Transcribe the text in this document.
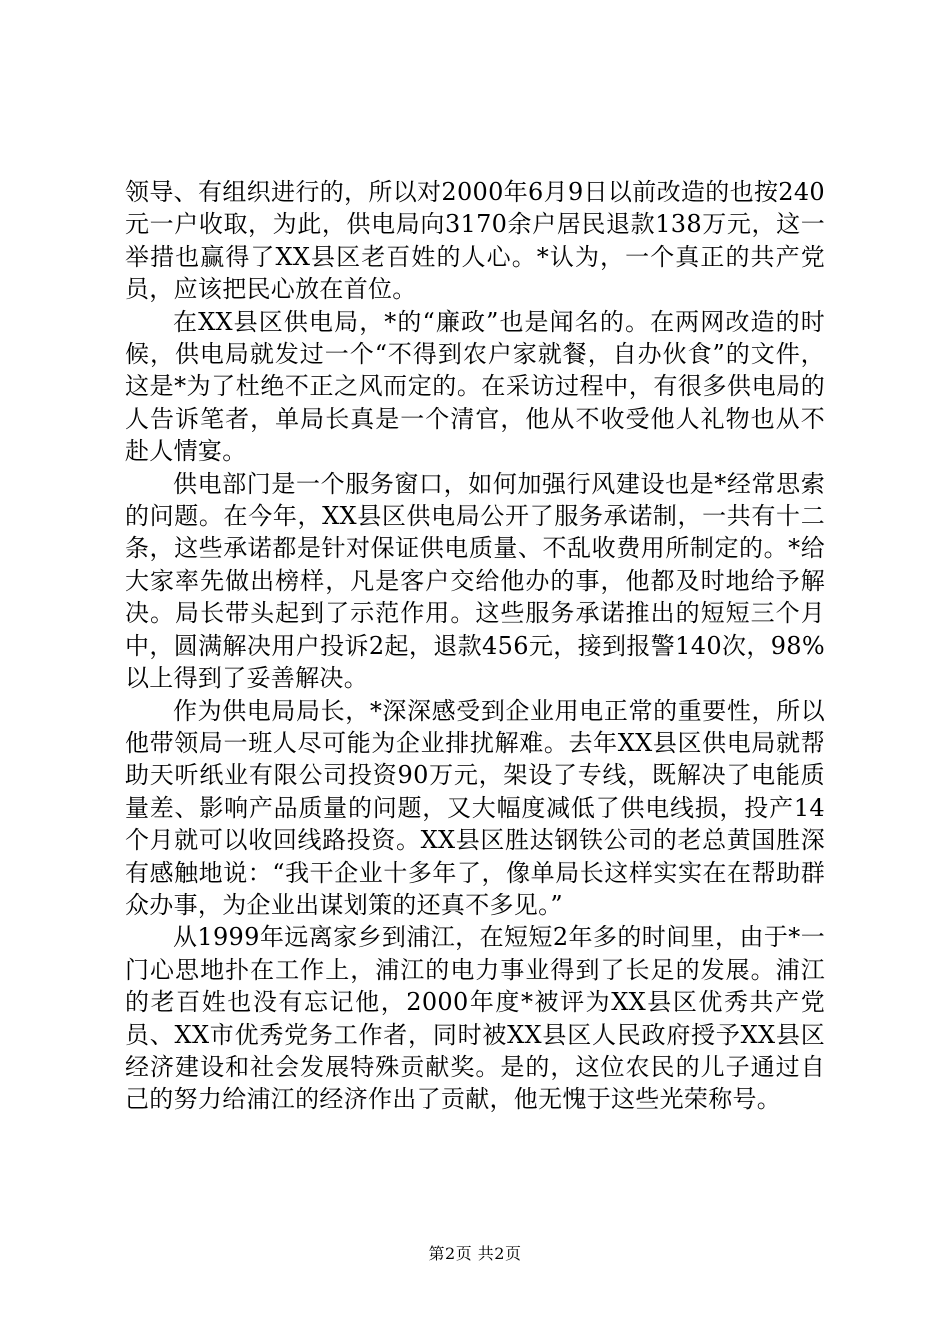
领导、有组织进行的，所以对2000年6月9日以前改造的也按240元一户收取，为此，供电局向3170余户居民退款138万元，这一举措也赢得了XX县区老百姓的人心。*认为，一个真正的共产党员，应该把民心放在首位。

在XX县区供电局，*的“廉政”也是闻名的。在两网改造的时候，供电局就发过一个“不得到农户家就餐，自办伙食”的文件，这是*为了杜绝不正之风而定的。在采访过程中，有很多供电局的人告诉笔者，单局长真是一个清官，他从不收受他人礼物也从不赴人情宴。

供电部门是一个服务窗口，如何加强行风建设也是*经常思索的问题。在今年，XX县区供电局公开了服务承诺制，一共有十二条，这些承诺都是针对保证供电质量、不乱收费用所制定的。*给大家率先做出榜样，凡是客户交给他办的事，他都及时地给予解决。局长带头起到了示范作用。这些服务承诺推出的短短三个月中，圆满解决用户投诉2起，退款456元，接到报警140次，98%以上得到了妥善解决。

作为供电局局长，*深深感受到企业用电正常的重要性，所以他带领局一班人尽可能为企业排扰解难。去年XX县区供电局就帮助天听纸业有限公司投资90万元，架设了专线，既解决了电能质量差、影响产品质量的问题，又大幅度减低了供电线损，投产14个月就可以收回线路投资。XX县区胜达钢铁公司的老总黄国胜深有感触地说：“我干企业十多年了，像单局长这样实实在在帮助群众办事，为企业出谋划策的还真不多见。”

从1999年远离家乡到浦江，在短短2年多的时间里，由于*一门心思地扑在工作上，浦江的电力事业得到了长足的发展。浦江的老百姓也没有忘记他，2000年度*被评为XX县区优秀共产党员、XX市优秀党务工作者，同时被XX县区人民政府授予XX县区经济建设和社会发展特殊贡献奖。是的，这位农民的儿子通过自己的努力给浦江的经济作出了贡献，他无愧于这些光荣称号。

第2页 共2页
